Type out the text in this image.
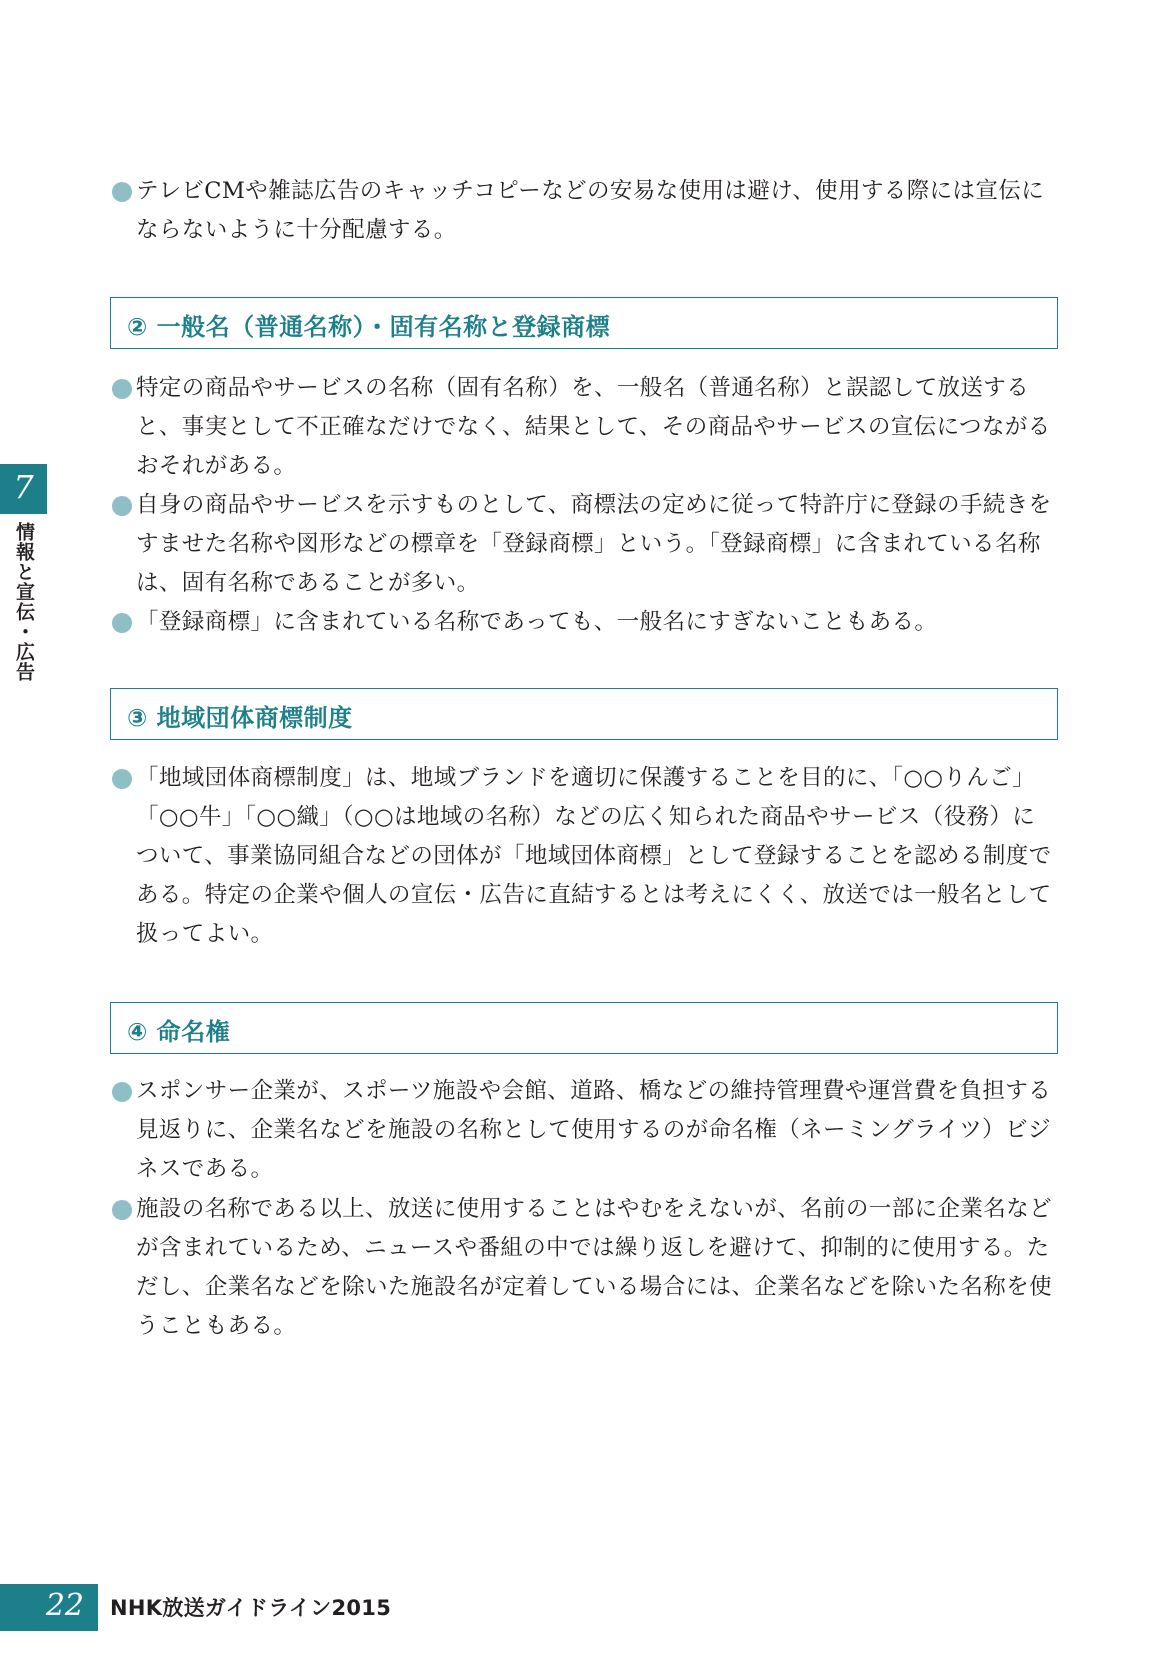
テレビCMや雑誌広告のキャッチコピーなどの安易な使用は避け、使用する際には宣伝にならないように十分配慮する。
② 一般名（普通名称）・固有名称と登録商標
特定の商品やサービスの名称（固有名称）を、一般名（普通名称）と誤認して放送すると、事実として不正確なだけでなく、結果として、その商品やサービスの宣伝につながるおそれがある。
自身の商品やサービスを示すものとして、商標法の定めに従って特許庁に登録の手続きをすませた名称や図形などの標章を「登録商標」という。「登録商標」に含まれている名称は、固有名称であることが多い。
「登録商標」に含まれている名称であっても、一般名にすぎないこともある。
③ 地域団体商標制度
「地域団体商標制度」は、地域ブランドを適切に保護することを目的に、「○○りんご」「○○牛」「○○織」（○○は地域の名称）などの広く知られた商品やサービス（役務）について、事業協同組合などの団体が「地域団体商標」として登録することを認める制度である。特定の企業や個人の宣伝・広告に直結するとは考えにくく、放送では一般名として扱ってよい。
④ 命名権
スポンサー企業が、スポーツ施設や会館、道路、橋などの維持管理費や運営費を負担する見返りに、企業名などを施設の名称として使用するのが命名権（ネーミングライツ）ビジネスである。
施設の名称である以上、放送に使用することはやむをえないが、名前の一部に企業名などが含まれているため、ニュースや番組の中では繰り返しを避けて、抑制的に使用する。ただし、企業名などを除いた施設名が定着している場合には、企業名などを除いた名称を使うこともある。
7
情報と宣伝・広告
22 NHK放送ガイドライン2015
